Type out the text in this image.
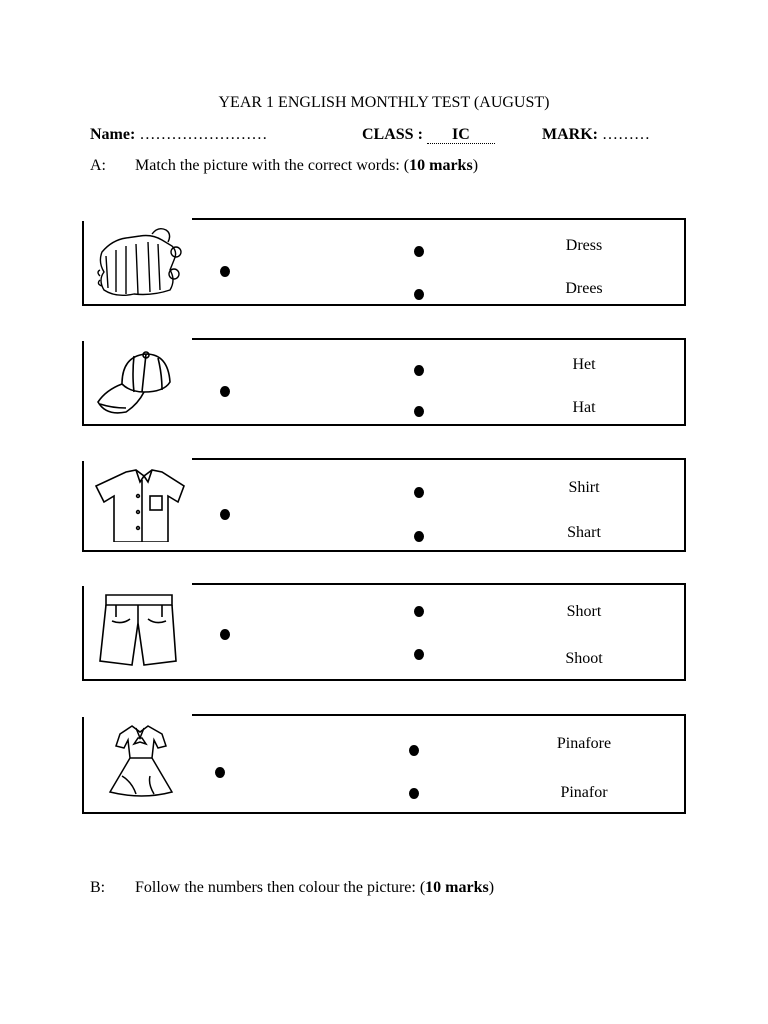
YEAR 1 ENGLISH MONTHLY TEST (AUGUST)
Name: ……………………	CLASS : IC	MARK: ………
A: Match the picture with the correct words: (10 marks)
Dress
Drees
Het
Hat
Shirt
Shart
Short
Shoot
Pinafore
Pinafor
B: Follow the numbers then colour the picture: (10 marks)
